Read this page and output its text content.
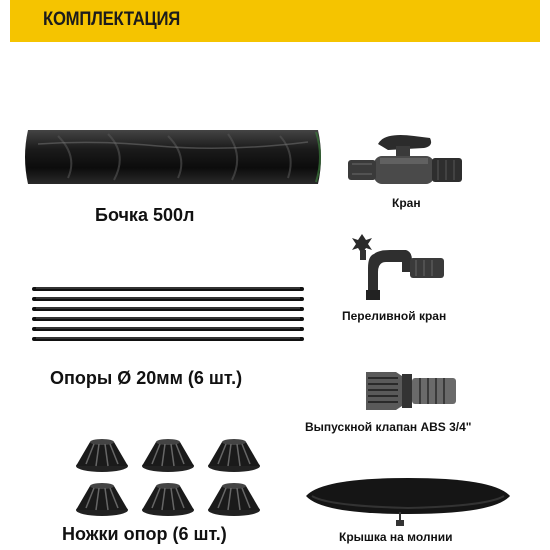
КОМПЛЕКТАЦИЯ
Бочка 500л
Кран
Переливной кран
Опоры Ø 20мм (6 шт.)
Выпускной клапан ABS 3/4"
Ножки опор (6 шт.)	Крышка на молнии
